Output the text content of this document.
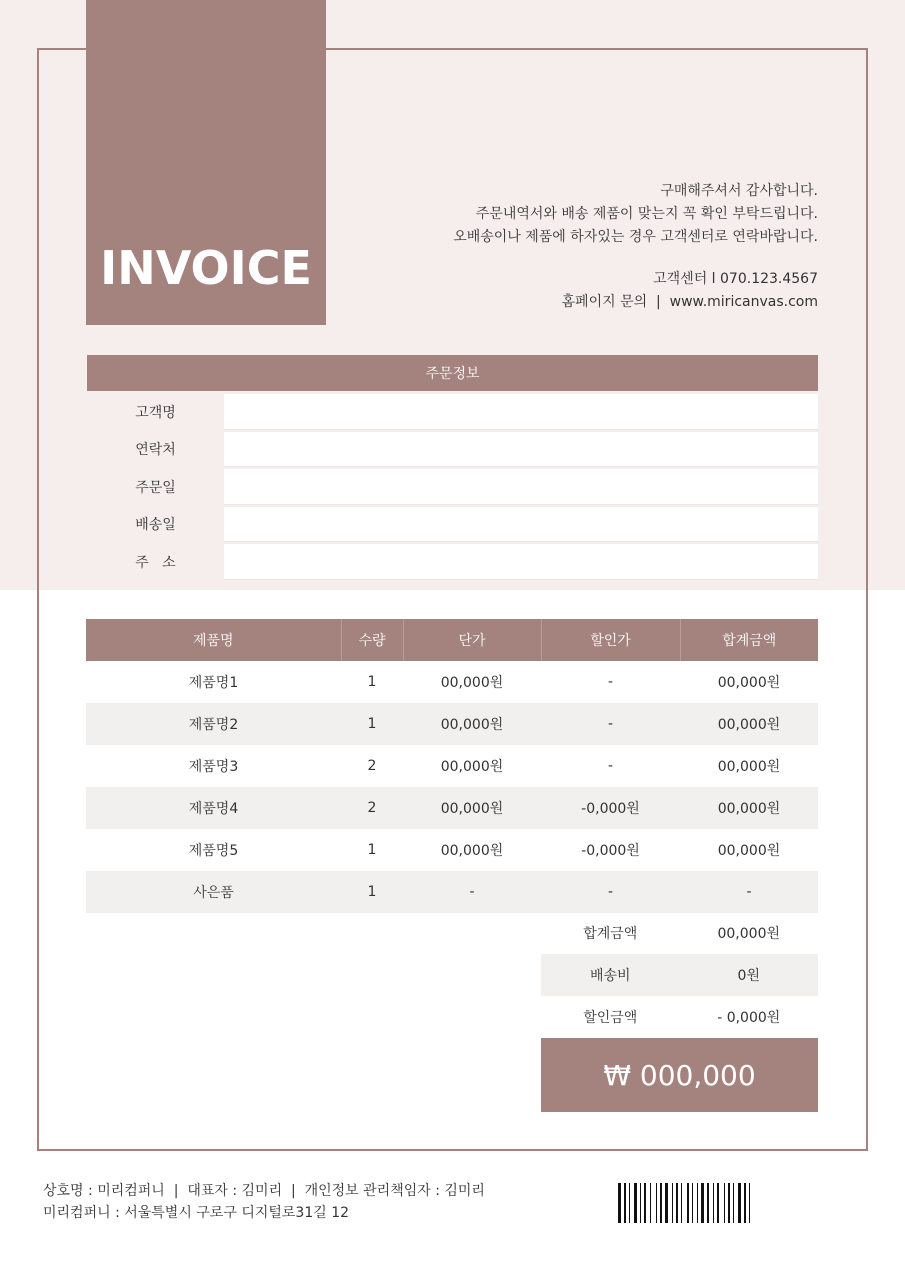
INVOICE
구매해주셔서 감사합니다.
주문내역서와 배송 제품이 맞는지 꼭 확인 부탁드립니다.
오배송이나 제품에 하자있는 경우 고객센터로 연락바랍니다.
고객센터 l 070.123.4567
홈페이지 문의  |  www.miricanvas.com
주문정보
고객명
연락처
주문일
배송일
주   소
제품명	수량	단가	할인가	합계금액
제품명1	1	00,000원	-	00,000원
제품명2	1	00,000원	-	00,000원
제품명3	2	00,000원	-	00,000원
제품명4	2	00,000원	-0,000원	00,000원
제품명5	1	00,000원	-0,000원	00,000원
사은품	1	-	-	-
합계금액	00,000원
배송비	0원
할인금액	- 0,000원
₩ 000,000
상호명 : 미리컴퍼니  |  대표자 : 김미리  |  개인정보 관리책임자 : 김미리
미리컴퍼니 : 서울특별시 구로구 디지털로31길 12
